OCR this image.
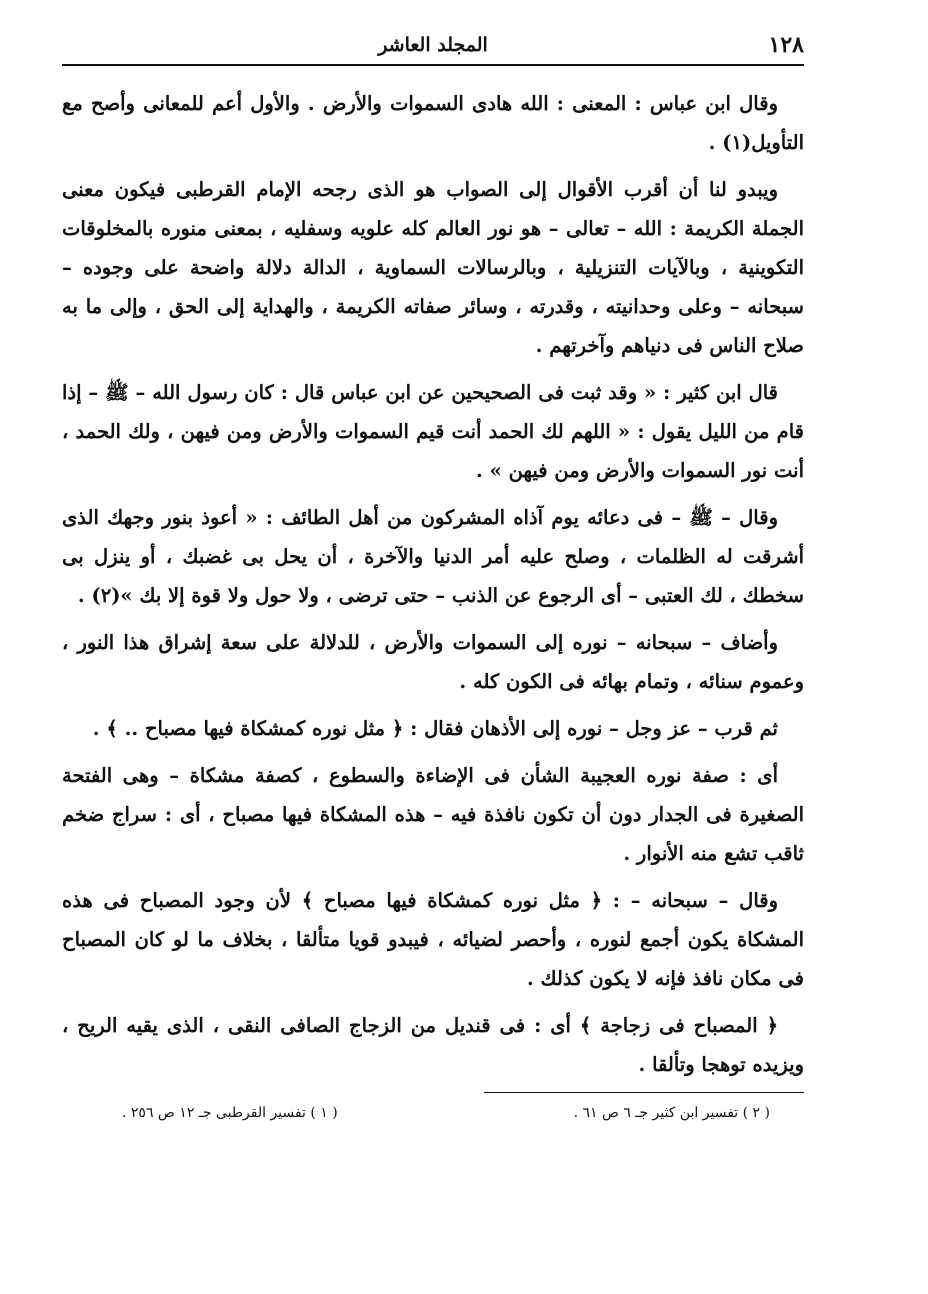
١٢٨
المجلد العاشر

وقال ابن عباس : المعنى : الله هادى السموات والأرض . والأول أعم للمعانى وأصح مع التأويل(١) .

ويبدو لنا أن أقرب الأقوال إلى الصواب هو الذى رجحه الإمام القرطبى فيكون معنى الجملة الكريمة : الله – تعالى – هو نور العالم كله علويه وسفليه ، بمعنى منوره بالمخلوقات التكوينية ، وبالآيات التنزيلية ، وبالرسالات السماوية ، الدالة دلالة واضحة على وجوده – سبحانه – وعلى وحدانيته ، وقدرته ، وسائر صفاته الكريمة ، والهداية إلى الحق ، وإلى ما به صلاح الناس فى دنياهم وآخرتهم .

قال ابن كثير : « وقد ثبت فى الصحيحين عن ابن عباس قال : كان رسول الله – ﷺ – إذا قام من الليل يقول : « اللهم لك الحمد أنت قيم السموات والأرض ومن فيهن ، ولك الحمد ، أنت نور السموات والأرض ومن فيهن » .

وقال – ﷺ – فى دعائه يوم آذاه المشركون من أهل الطائف : « أعوذ بنور وجهك الذى أشرقت له الظلمات ، وصلح عليه أمر الدنيا والآخرة ، أن يحل بى غضبك ، أو ينزل بى سخطك ، لك العتبى – أى الرجوع عن الذنب – حتى ترضى ، ولا حول ولا قوة إلا بك »(٢) .

وأضاف – سبحانه – نوره إلى السموات والأرض ، للدلالة على سعة إشراق هذا النور ، وعموم سنائه ، وتمام بهائه فى الكون كله .

ثم قرب – عز وجل – نوره إلى الأذهان فقال : ﴿ مثل نوره كمشكاة فيها مصباح .. ﴾ .

أى : صفة نوره العجيبة الشأن فى الإضاءة والسطوع ، كصفة مشكاة – وهى الفتحة الصغيرة فى الجدار دون أن تكون نافذة فيه – هذه المشكاة فيها مصباح ، أى : سراج ضخم ثاقب تشع منه الأنوار .

وقال – سبحانه – : ﴿ مثل نوره كمشكاة فيها مصباح ﴾ لأن وجود المصباح فى هذه المشكاة يكون أجمع لنوره ، وأحصر لضيائه ، فيبدو قويا متألقا ، بخلاف ما لو كان المصباح فى مكان نافذ فإنه لا يكون كذلك .

﴿ المصباح فى زجاجة ﴾ أى : فى قنديل من الزجاج الصافى النقى ، الذى يقيه الريح ، ويزيده توهجا وتألقا .

( ٢ ) تفسير ابن كثير جـ ٦ ص ٦١ .
( ١ ) تفسير القرطبى جـ ١٢ ص ٢٥٦ .
